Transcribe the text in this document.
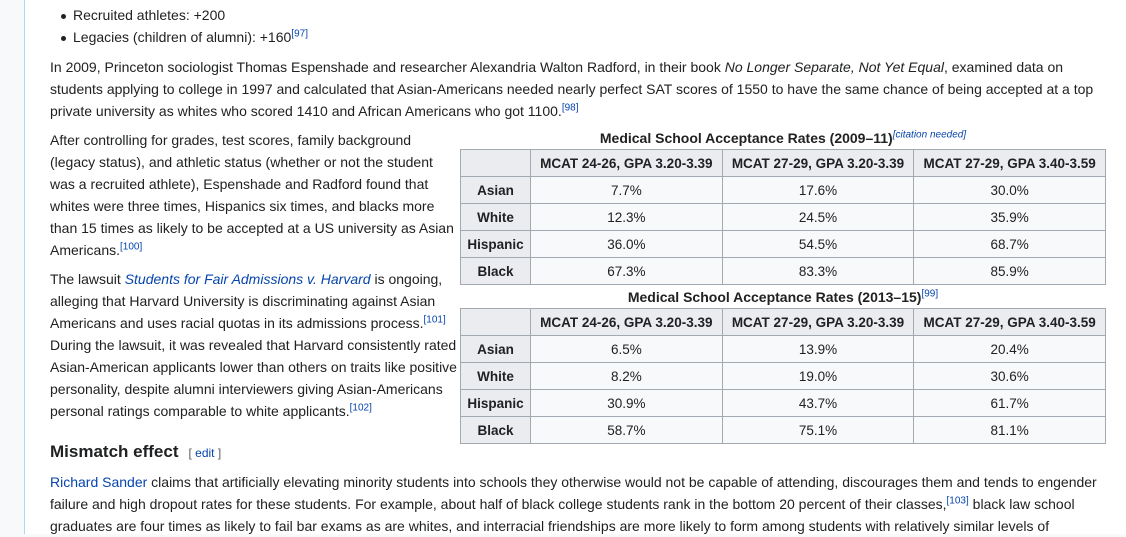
Recruited athletes: +200
Legacies (children of alumni): +160[97]

In 2009, Princeton sociologist Thomas Espenshade and researcher Alexandria Walton Radford, in their book No Longer Separate, Not Yet Equal, examined data on students applying to college in 1997 and calculated that Asian-Americans needed nearly perfect SAT scores of 1550 to have the same chance of being accepted at a top private university as whites who scored 1410 and African Americans who got 1100.[98]

After controlling for grades, test scores, family background (legacy status), and athletic status (whether or not the student was a recruited athlete), Espenshade and Radford found that whites were three times, Hispanics six times, and blacks more than 15 times as likely to be accepted at a US university as Asian Americans.[100]

The lawsuit Students for Fair Admissions v. Harvard is ongoing, alleging that Harvard University is discriminating against Asian Americans and uses racial quotas in its admissions process.[101] During the lawsuit, it was revealed that Harvard consistently rated Asian-American applicants lower than others on traits like positive personality, despite alumni interviewers giving Asian-Americans personal ratings comparable to white applicants.[102]

Medical School Acceptance Rates (2009–11)[citation needed]
	MCAT 24-26, GPA 3.20-3.39	MCAT 27-29, GPA 3.20-3.39	MCAT 27-29, GPA 3.40-3.59
Asian	7.7%	17.6%	30.0%
White	12.3%	24.5%	35.9%
Hispanic	36.0%	54.5%	68.7%
Black	67.3%	83.3%	85.9%
Medical School Acceptance Rates (2013–15)[99]
	MCAT 24-26, GPA 3.20-3.39	MCAT 27-29, GPA 3.20-3.39	MCAT 27-29, GPA 3.40-3.59
Asian	6.5%	13.9%	20.4%
White	8.2%	19.0%	30.6%
Hispanic	30.9%	43.7%	61.7%
Black	58.7%	75.1%	81.1%
Mismatch effect [ edit ]

Richard Sander claims that artificially elevating minority students into schools they otherwise would not be capable of attending, discourages them and tends to engender failure and high dropout rates for these students. For example, about half of black college students rank in the bottom 20 percent of their classes,[103] black law school graduates are four times as likely to fail bar exams as are whites, and interracial friendships are more likely to form among students with relatively similar levels of
